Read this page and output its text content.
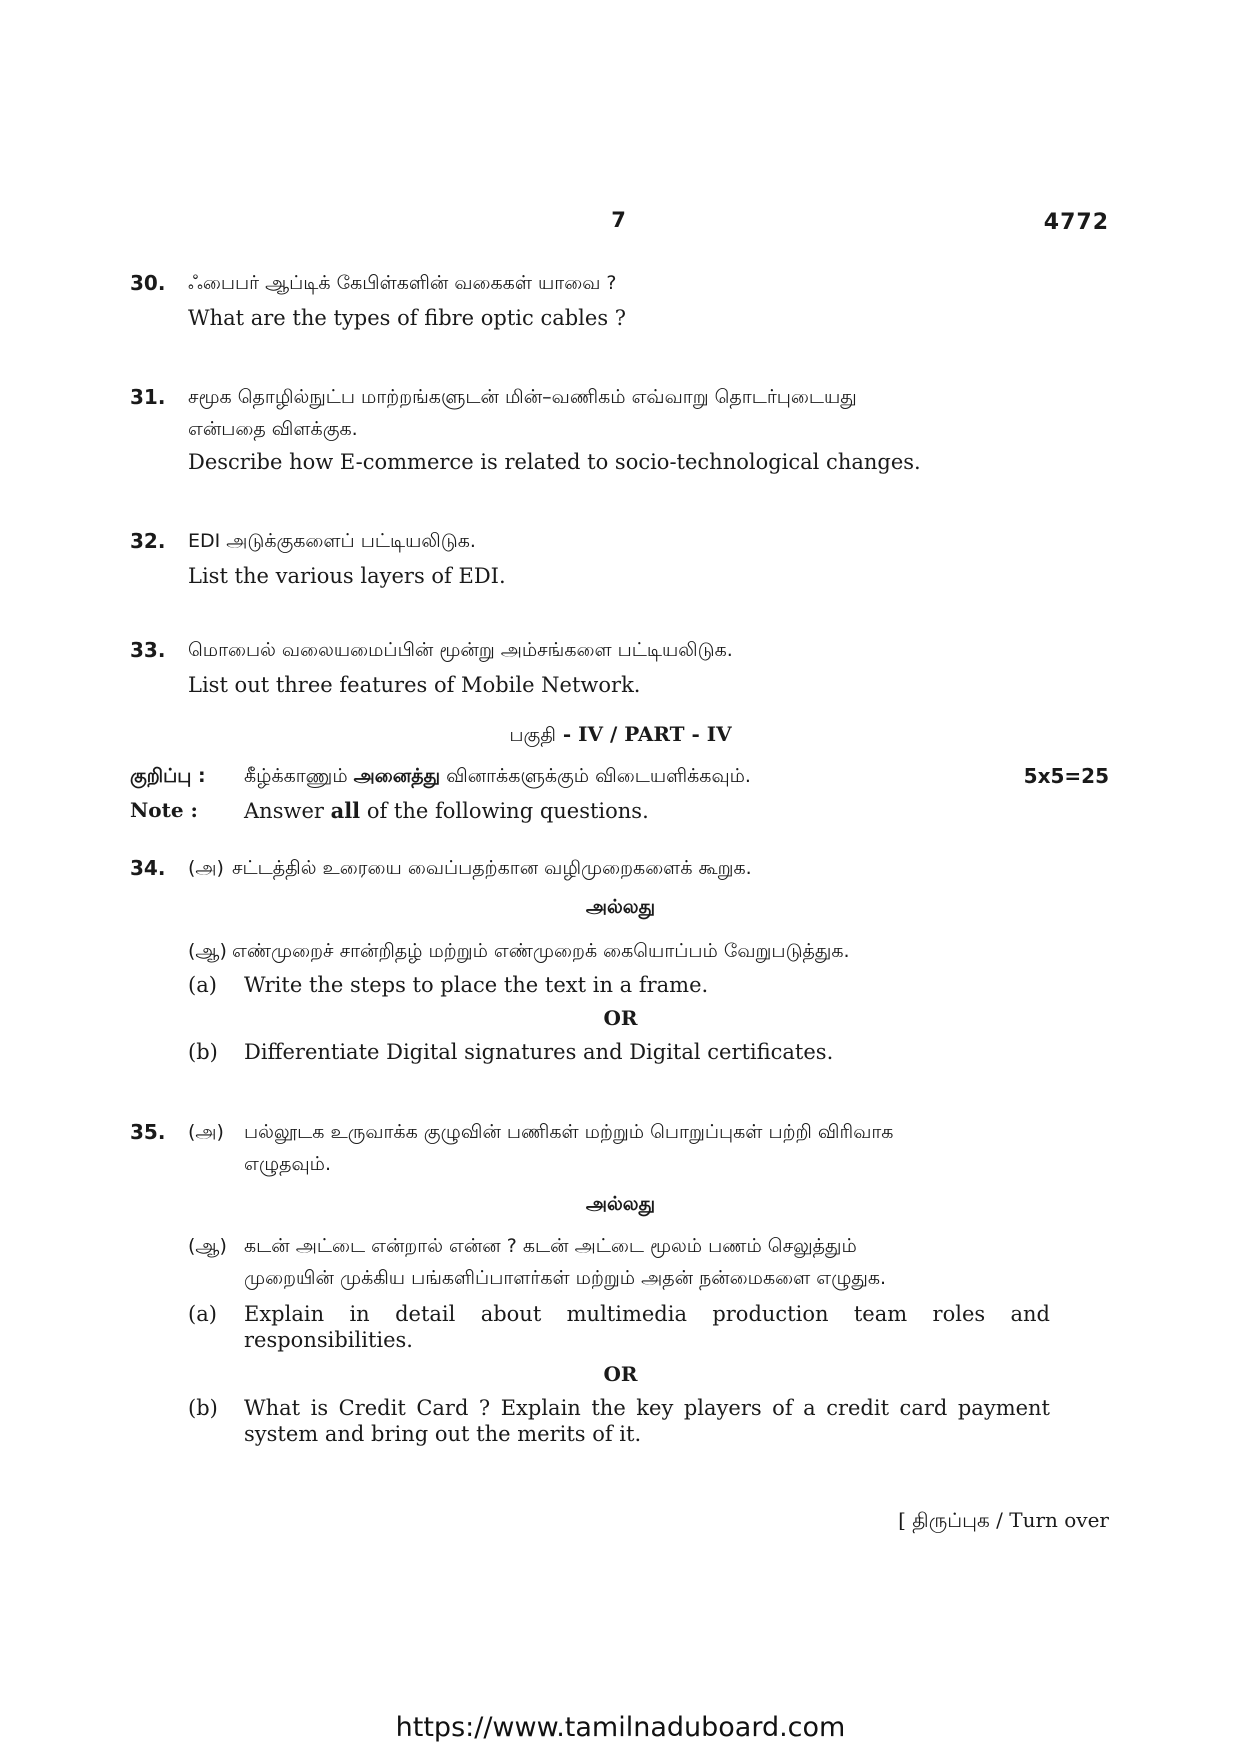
7	4772
30. ஃபைபர் ஆப்டிக் கேபிள்களின் வகைகள் யாவை ?
What are the types of fibre optic cables ?
31. சமூக தொழில்நுட்ப மாற்றங்களுடன் மின்–வணிகம் எவ்வாறு தொடர்புடையது
என்பதை விளக்குக.
Describe how E-commerce is related to socio-technological changes.
32. EDI அடுக்குகளைப் பட்டியலிடுக.
List the various layers of EDI.
33. மொபைல் வலையமைப்பின் மூன்று அம்சங்களை பட்டியலிடுக.
List out three features of Mobile Network.
பகுதி - IV / PART - IV
குறிப்பு : கீழ்க்காணும் அனைத்து வினாக்களுக்கும் விடையளிக்கவும்.	5x5=25
Note : Answer all of the following questions.
34. (அ) சட்டத்தில் உரையை வைப்பதற்கான வழிமுறைகளைக் கூறுக.
அல்லது
(ஆ) எண்முறைச் சான்றிதழ் மற்றும் எண்முறைக் கையொப்பம் வேறுபடுத்துக.
(a) Write the steps to place the text in a frame.
OR
(b) Differentiate Digital signatures and Digital certificates.
35. (அ) பல்லூடக உருவாக்க குழுவின் பணிகள் மற்றும் பொறுப்புகள் பற்றி விரிவாக
எழுதவும்.
அல்லது
(ஆ) கடன் அட்டை என்றால் என்ன ? கடன் அட்டை மூலம் பணம் செலுத்தும்
முறையின் முக்கிய பங்களிப்பாளர்கள் மற்றும் அதன் நன்மைகளை எழுதுக.
(a) Explain in detail about multimedia production team roles and
responsibilities.
OR
(b) What is Credit Card ? Explain the key players of a credit card payment
system and bring out the merits of it.
[ திருப்புக / Turn over
https://www.tamilnaduboard.com
